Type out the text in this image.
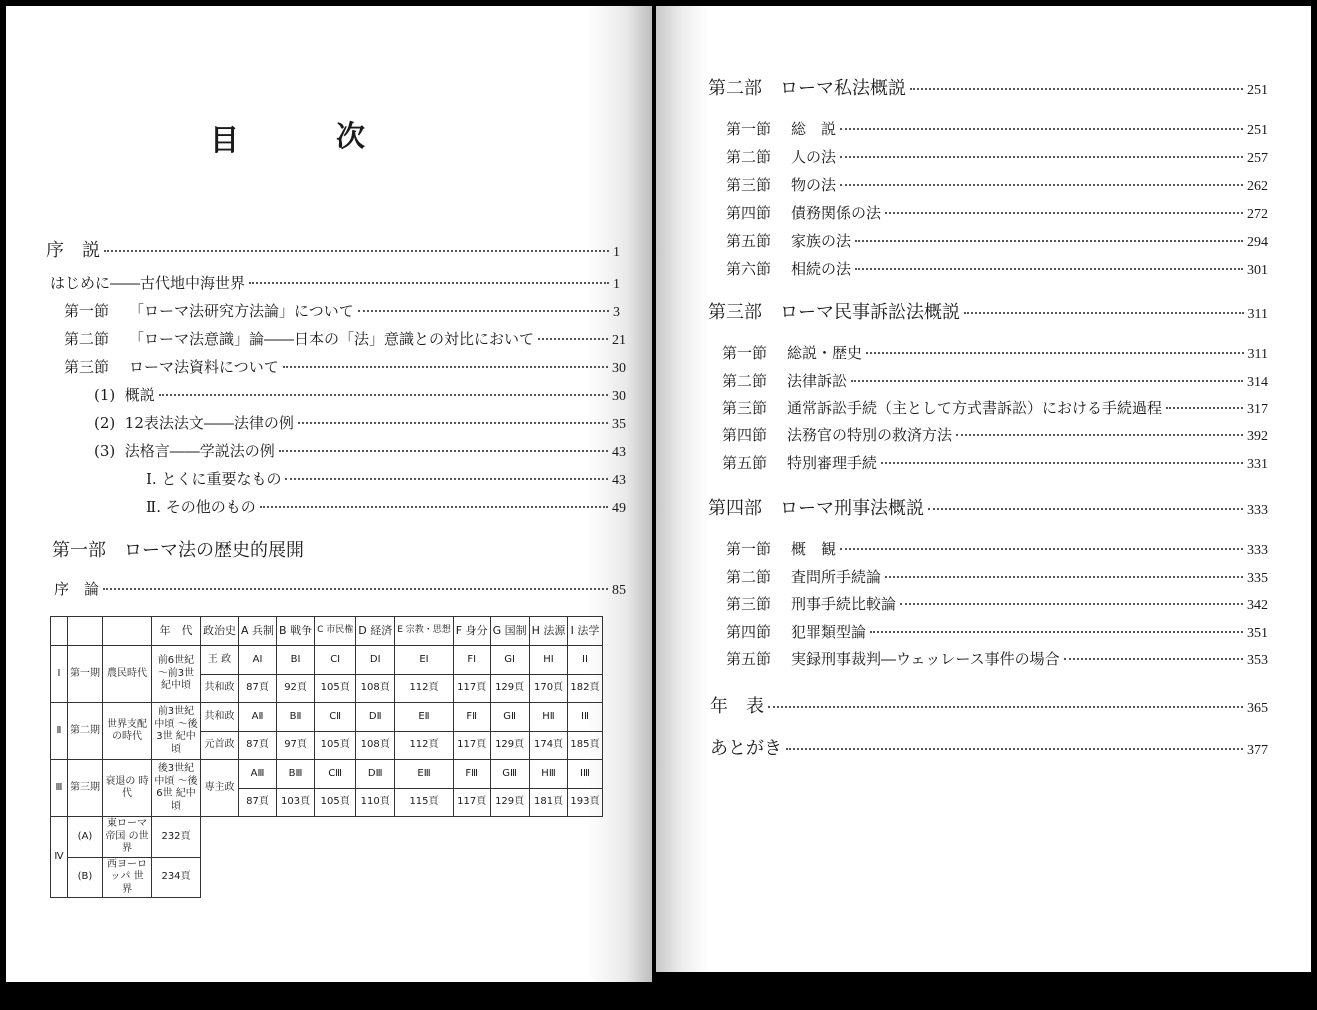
目	次
序　説	1
はじめに――古代地中海世界	1
第一節 「ローマ法研究方法論」について	3
第二節 「ローマ法意識」論――日本の「法」意識との対比において	21
第三節 ローマ法資料について	30
(1) 概説	30
(2) 12表法法文――法律の例	35
(3) 法格言――学説法の例	43
Ⅰ. とくに重要なもの	43
Ⅱ. その他のもの	49
第一部　ローマ法の歴史的展開
序　論	85
			年　代	政治史	A 兵制	B 戦争	C 市民権	D 経済	E 宗教・思想	F 身分	G 国制	H 法源	I 法学
Ⅰ	第一期	農民時代	前6世紀 ～前3世 紀中頃	王 政	AⅠ	BⅠ	CⅠ	DⅠ	EⅠ	FⅠ	GⅠ	HⅠ	IⅠ
				共和政	87頁	92頁	105頁	108頁	112頁	117頁	129頁	170頁	182頁
Ⅱ	第二期	世界支配 の時代	前3世紀 中頃 ～後3世 紀中頃	共和政	AⅡ	BⅡ	CⅡ	DⅡ	EⅡ	FⅡ	GⅡ	HⅡ	IⅡ
				元首政	87頁	97頁	105頁	108頁	112頁	117頁	129頁	174頁	185頁
Ⅲ	第三期	衰退の 時代	後3世紀 中頃 ～後6世 紀中頃	専主政	AⅢ	BⅢ	CⅢ	DⅢ	EⅢ	FⅢ	GⅢ	HⅢ	IⅢ
					87頁	103頁	105頁	110頁	115頁	117頁	129頁	181頁	193頁
Ⅳ	(A)	東ローマ帝国 の世界	232頁										
	(B)	西ヨーロッパ 世　界	234頁										
第二部　ローマ私法概説	251
第一節 総　説	251
第二節 人の法	257
第三節 物の法	262
第四節 債務関係の法	272
第五節 家族の法	294
第六節 相続の法	301
第三部　ローマ民事訴訟法概説	311
第一節 総説・歴史	311
第二節 法律訴訟	314
第三節 通常訴訟手続（主として方式書訴訟）における手続過程	317
第四節 法務官の特別の救済方法	392
第五節 特別審理手続	331
第四部　ローマ刑事法概説	333
第一節 概　観	333
第二節 査問所手続論	335
第三節 刑事手続比較論	342
第四節 犯罪類型論	351
第五節 実録刑事裁判―ウェッレース事件の場合	353
年　表	365
あとがき	377
